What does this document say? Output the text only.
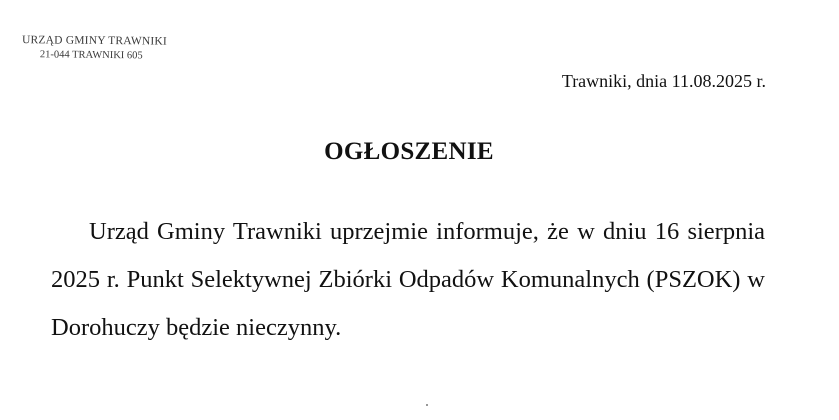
URZĄD GMINY TRAWNIKI
21-044 TRAWNIKI 605
Trawniki, dnia 11.08.2025 r.
OGŁOSZENIE
Urząd Gminy Trawniki uprzejmie informuje, że w dniu 16 sierpnia 2025 r. Punkt Selektywnej Zbiórki Odpadów Komunalnych (PSZOK) w Dorohuczy będzie nieczynny.
